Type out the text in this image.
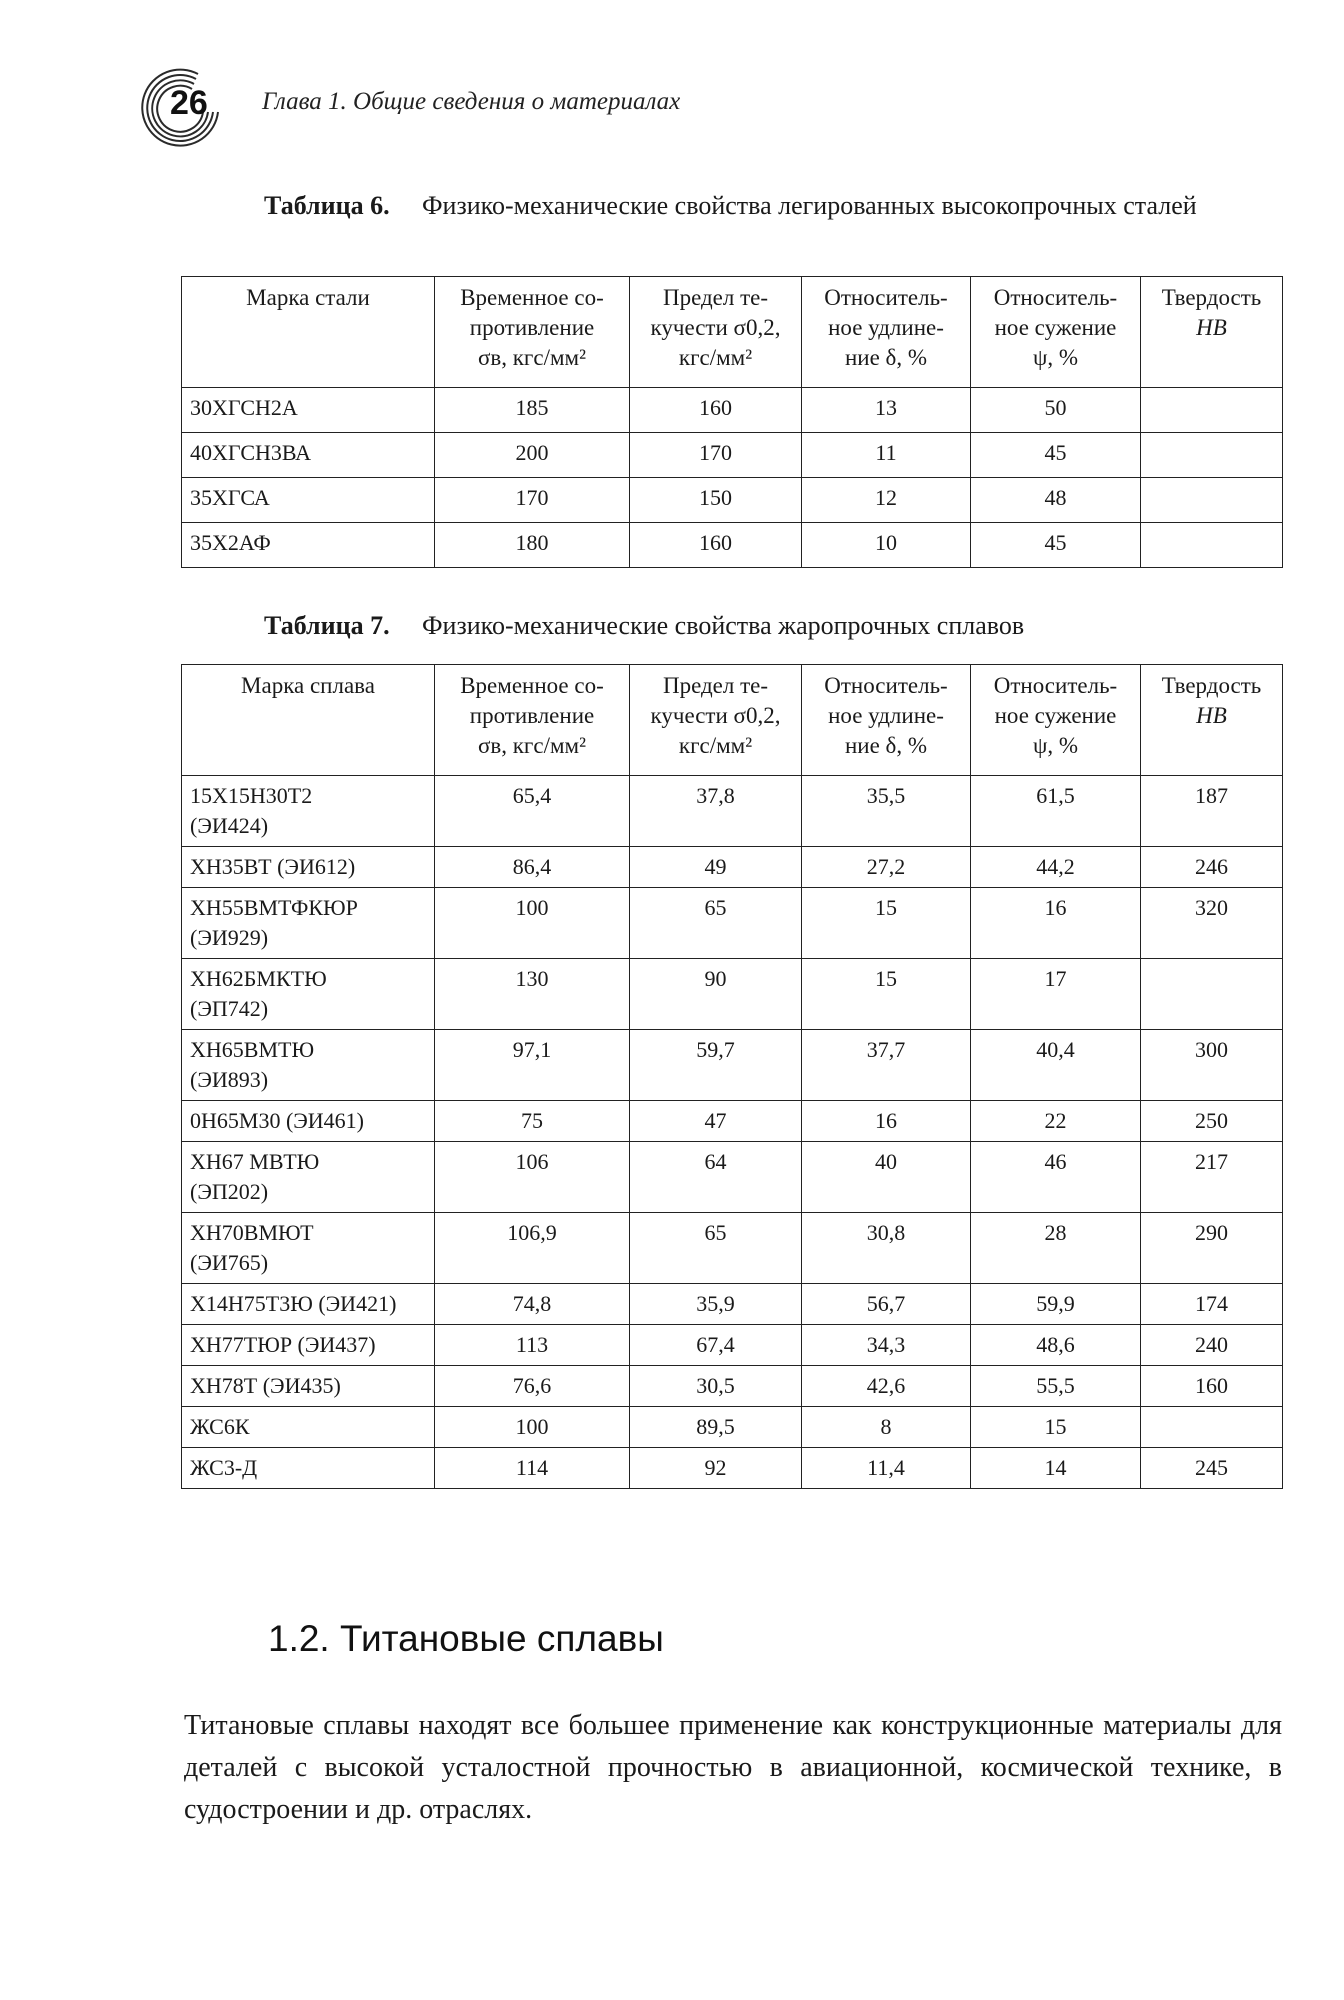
26 Глава 1. Общие сведения о материалах
Таблица 6. Физико-механические свойства легированных высокопрочных сталей
Марка стали	Временное со-
противление
σв, кгс/мм²	Предел те-
кучести σ0,2,
кгс/мм²	Относитель-
ное удлине-
ние δ, %	Относитель-
ное сужение
ψ, %	Твердость
НВ
30ХГСН2А	185	160	13	50	
40ХГСН3ВА	200	170	11	45	
35ХГСА	170	150	12	48	
35Х2АФ	180	160	10	45	
Таблица 7. Физико-механические свойства жаропрочных сплавов
Марка сплава	Временное со-
противление
σв, кгс/мм²	Предел те-
кучести σ0,2,
кгс/мм²	Относитель-
ное удлине-
ние δ, %	Относитель-
ное сужение
ψ, %	Твердость
НВ
15Х15Н30Т2
(ЭИ424)	65,4	37,8	35,5	61,5	187
ХН35ВТ (ЭИ612)	86,4	49	27,2	44,2	246
ХН55ВМТФКЮР
(ЭИ929)	100	65	15	16	320
ХН62БМКТЮ
(ЭП742)	130	90	15	17	
ХН65ВМТЮ
(ЭИ893)	97,1	59,7	37,7	40,4	300
0Н65М30 (ЭИ461)	75	47	16	22	250
ХН67 МВТЮ
(ЭП202)	106	64	40	46	217
ХН70ВМЮТ
(ЭИ765)	106,9	65	30,8	28	290
Х14Н75Т3Ю (ЭИ421)	74,8	35,9	56,7	59,9	174
ХН77ТЮР (ЭИ437)	113	67,4	34,3	48,6	240
ХН78Т (ЭИ435)	76,6	30,5	42,6	55,5	160
ЖС6К	100	89,5	8	15	
ЖС3-Д	114	92	11,4	14	245
1.2. Титановые сплавы
Титановые сплавы находят все большее применение как конструкционные материалы для деталей с высокой усталостной прочностью в авиационной, космической технике, в судостроении и др. отраслях.
